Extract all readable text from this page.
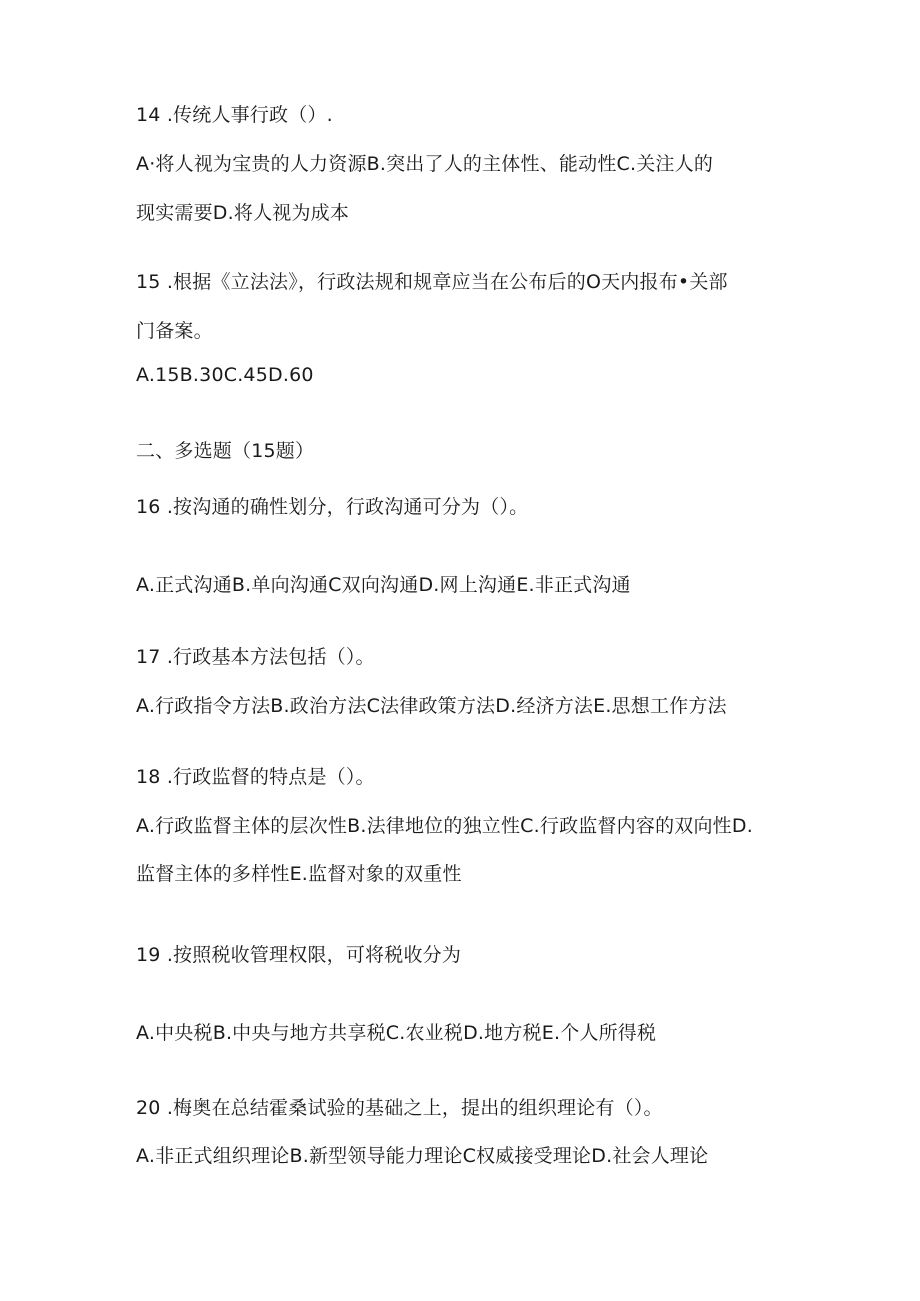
14 .传统人事行政（）.
A·将人视为宝贵的人力资源B.突出了人的主体性、能动性C.关注人的
现实需要D.将人视为成本
15 .根据《立法法》，行政法规和规章应当在公布后的O天内报布•关部
门备案。
A.15B.30C.45D.60
二、多选题（15题）
16 .按沟通的确性划分，行政沟通可分为（）。
A.正式沟通B.单向沟通C双向沟通D.网上沟通E.非正式沟通
17 .行政基本方法包括（）。
A.行政指令方法B.政治方法C法律政策方法D.经济方法E.思想工作方法
18 .行政监督的特点是（）。
A.行政监督主体的层次性B.法律地位的独立性C.行政监督内容的双向性D.
监督主体的多样性E.监督对象的双重性
19 .按照税收管理权限，可将税收分为
A.中央税B.中央与地方共享税C.农业税D.地方税E.个人所得税
20 .梅奥在总结霍桑试验的基础之上，提出的组织理论有（）。
A.非正式组织理论B.新型领导能力理论C权威接受理论D.社会人理论
